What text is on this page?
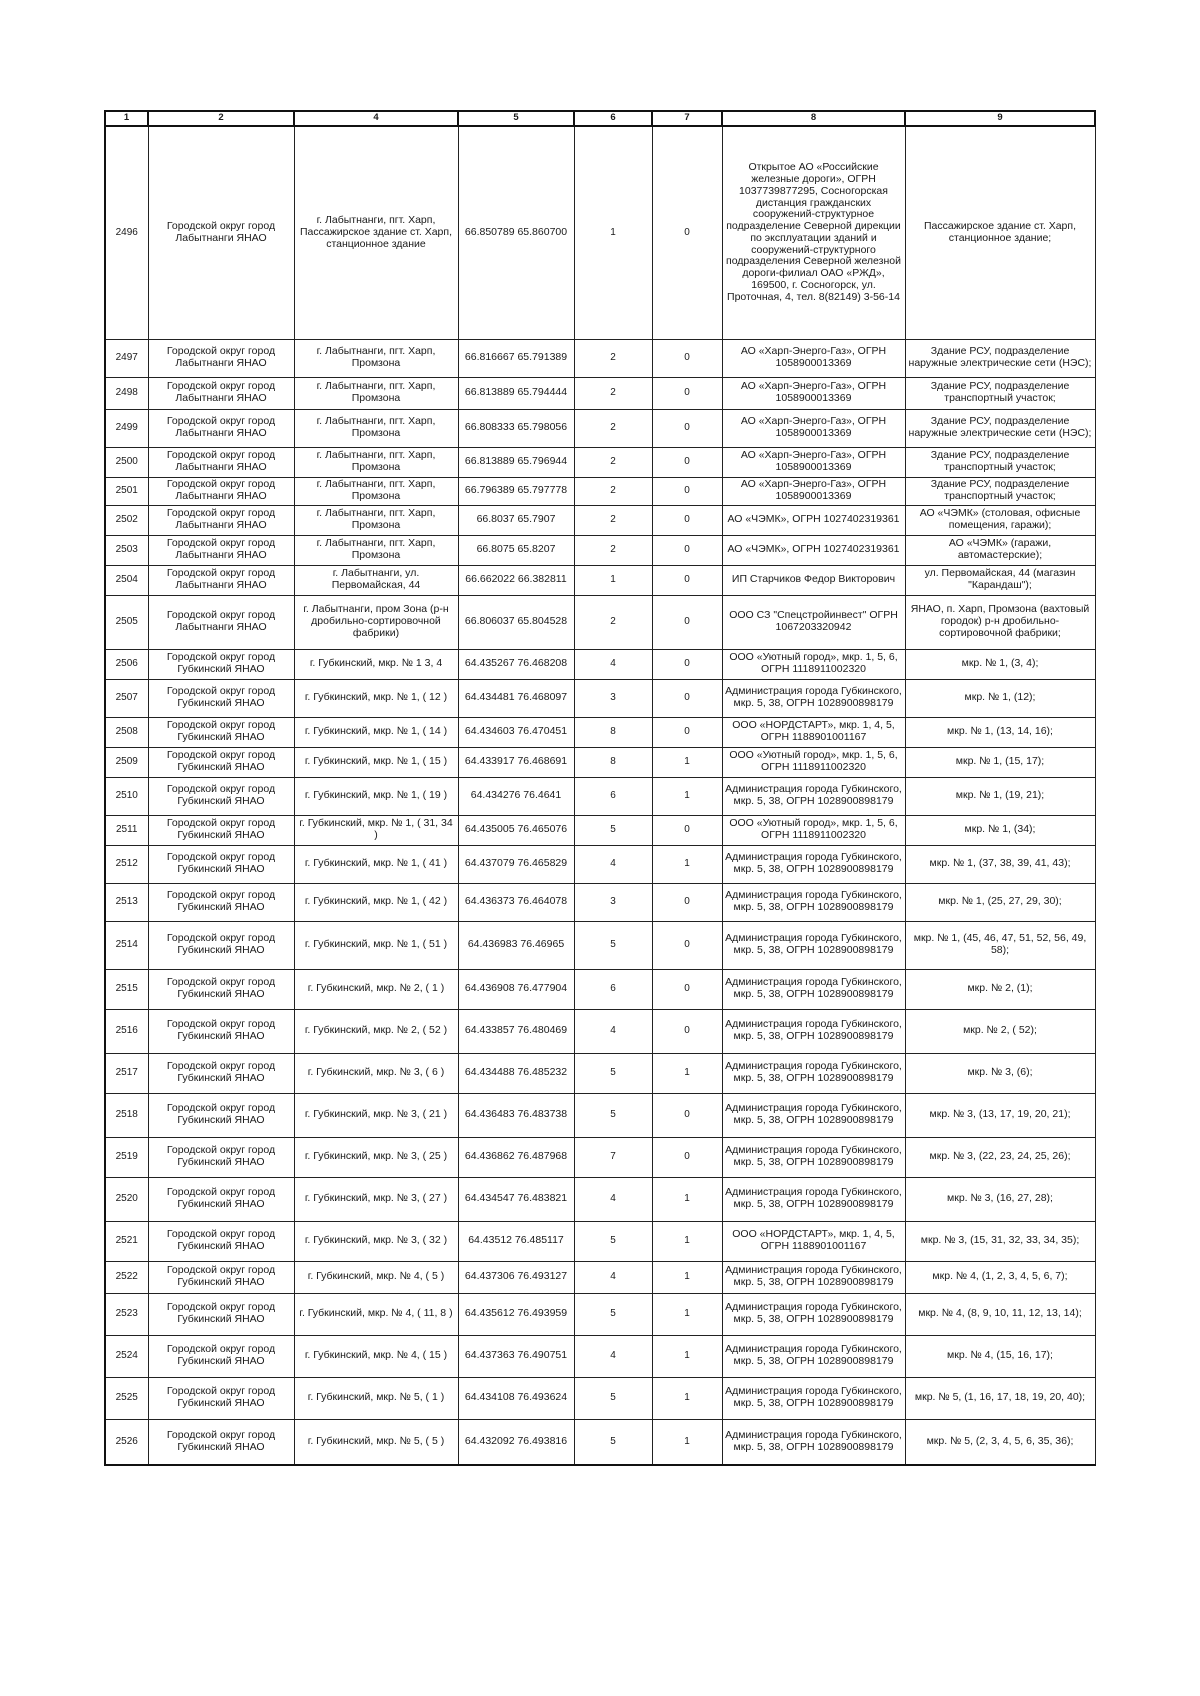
1	2	4	5	6	7	8	9
2496	Городской округ город Лабытнанги ЯНАО	г. Лабытнанги, пгт. Харп, Пассажирское здание ст. Харп, станционное здание	66.850789 65.860700	1	0	Открытое АО «Российские железные дороги», ОГРН 1037739877295, Сосногорская дистанция гражданских сооружений-структурное подразделение Северной дирекции по эксплуатации зданий и сооружений-структурного подразделения Северной железной дороги-филиал ОАО «РЖД», 169500, г. Сосногорск, ул. Проточная, 4, тел. 8(82149) 3-56-14	Пассажирское здание ст. Харп, станционное здание;
2497	Городской округ город Лабытнанги ЯНАО	г. Лабытнанги, пгт. Харп, Промзона	66.816667 65.791389	2	0	АО «Харп-Энерго-Газ», ОГРН 1058900013369	Здание РСУ, подразделение наружные электрические сети (НЭС);
2498	Городской округ город Лабытнанги ЯНАО	г. Лабытнанги, пгт. Харп, Промзона	66.813889 65.794444	2	0	АО «Харп-Энерго-Газ», ОГРН 1058900013369	Здание РСУ, подразделение транспортный участок;
2499	Городской округ город Лабытнанги ЯНАО	г. Лабытнанги, пгт. Харп, Промзона	66.808333 65.798056	2	0	АО «Харп-Энерго-Газ», ОГРН 1058900013369	Здание РСУ, подразделение наружные электрические сети (НЭС);
2500	Городской округ город Лабытнанги ЯНАО	г. Лабытнанги, пгт. Харп, Промзона	66.813889 65.796944	2	0	АО «Харп-Энерго-Газ», ОГРН 1058900013369	Здание РСУ, подразделение транспортный участок;
2501	Городской округ город Лабытнанги ЯНАО	г. Лабытнанги, пгт. Харп, Промзона	66.796389 65.797778	2	0	АО «Харп-Энерго-Газ», ОГРН 1058900013369	Здание РСУ, подразделение транспортный участок;
2502	Городской округ город Лабытнанги ЯНАО	г. Лабытнанги, пгт. Харп, Промзона	66.8037 65.7907	2	0	АО «ЧЭМК», ОГРН 1027402319361	АО «ЧЭМК» (столовая, офисные помещения, гаражи);
2503	Городской округ город Лабытнанги ЯНАО	г. Лабытнанги, пгт. Харп, Промзона	66.8075 65.8207	2	0	АО «ЧЭМК», ОГРН 1027402319361	АО «ЧЭМК» (гаражи, автомастерские);
2504	Городской округ город Лабытнанги ЯНАО	г. Лабытнанги, ул. Первомайская, 44	66.662022 66.382811	1	0	ИП Старчиков Федор Викторович	ул. Первомайская, 44 (магазин "Карандаш");
2505	Городской округ город Лабытнанги ЯНАО	г. Лабытнанги, пром Зона (р-н дробильно-сортировочной фабрики)	66.806037 65.804528	2	0	ООО СЗ "Спецстройинвест" ОГРН 1067203320942	ЯНАО, п. Харп, Промзона (вахтовый городок) р-н дробильно-сортировочной фабрики;
2506	Городской округ город Губкинский ЯНАО	г. Губкинский, мкр. № 1 3, 4	64.435267 76.468208	4	0	ООО «Уютный город», мкр. 1, 5, 6, ОГРН 1118911002320	мкр. № 1, (3, 4);
2507	Городской округ город Губкинский ЯНАО	г. Губкинский, мкр. № 1, ( 12 )	64.434481 76.468097	3	0	Администрация города Губкинского, мкр. 5, 38, ОГРН 1028900898179	мкр. № 1, (12);
2508	Городской округ город Губкинский ЯНАО	г. Губкинский, мкр. № 1, ( 14 )	64.434603 76.470451	8	0	ООО «НОРДСТАРТ», мкр. 1, 4, 5, ОГРН 1188901001167	мкр. № 1, (13, 14, 16);
2509	Городской округ город Губкинский ЯНАО	г. Губкинский, мкр. № 1, ( 15 )	64.433917 76.468691	8	1	ООО «Уютный город», мкр. 1, 5, 6, ОГРН 1118911002320	мкр. № 1, (15, 17);
2510	Городской округ город Губкинский ЯНАО	г. Губкинский, мкр. № 1, ( 19 )	64.434276 76.4641	6	1	Администрация города Губкинского, мкр. 5, 38, ОГРН 1028900898179	мкр. № 1, (19, 21);
2511	Городской округ город Губкинский ЯНАО	г. Губкинский, мкр. № 1, ( 31, 34 )	64.435005 76.465076	5	0	ООО «Уютный город», мкр. 1, 5, 6, ОГРН 1118911002320	мкр. № 1, (34);
2512	Городской округ город Губкинский ЯНАО	г. Губкинский, мкр. № 1, ( 41 )	64.437079 76.465829	4	1	Администрация города Губкинского, мкр. 5, 38, ОГРН 1028900898179	мкр. № 1, (37, 38, 39, 41, 43);
2513	Городской округ город Губкинский ЯНАО	г. Губкинский, мкр. № 1, ( 42 )	64.436373 76.464078	3	0	Администрация города Губкинского, мкр. 5, 38, ОГРН 1028900898179	мкр. № 1, (25, 27, 29, 30);
2514	Городской округ город Губкинский ЯНАО	г. Губкинский, мкр. № 1, ( 51 )	64.436983 76.46965	5	0	Администрация города Губкинского, мкр. 5, 38, ОГРН 1028900898179	мкр. № 1, (45, 46, 47, 51, 52, 56, 49, 58);
2515	Городской округ город Губкинский ЯНАО	г. Губкинский, мкр. № 2, ( 1 )	64.436908 76.477904	6	0	Администрация города Губкинского, мкр. 5, 38, ОГРН 1028900898179	мкр. № 2, (1);
2516	Городской округ город Губкинский ЯНАО	г. Губкинский, мкр. № 2, ( 52 )	64.433857 76.480469	4	0	Администрация города Губкинского, мкр. 5, 38, ОГРН 1028900898179	мкр. № 2, ( 52);
2517	Городской округ город Губкинский ЯНАО	г. Губкинский, мкр. № 3, ( 6 )	64.434488 76.485232	5	1	Администрация города Губкинского, мкр. 5, 38, ОГРН 1028900898179	мкр. № 3, (6);
2518	Городской округ город Губкинский ЯНАО	г. Губкинский, мкр. № 3, ( 21 )	64.436483 76.483738	5	0	Администрация города Губкинского, мкр. 5, 38, ОГРН 1028900898179	мкр. № 3, (13, 17, 19, 20, 21);
2519	Городской округ город Губкинский ЯНАО	г. Губкинский, мкр. № 3, ( 25 )	64.436862 76.487968	7	0	Администрация города Губкинского, мкр. 5, 38, ОГРН 1028900898179	мкр. № 3, (22, 23, 24, 25, 26);
2520	Городской округ город Губкинский ЯНАО	г. Губкинский, мкр. № 3, ( 27 )	64.434547 76.483821	4	1	Администрация города Губкинского, мкр. 5, 38, ОГРН 1028900898179	мкр. № 3, (16, 27, 28);
2521	Городской округ город Губкинский ЯНАО	г. Губкинский, мкр. № 3, ( 32 )	64.43512 76.485117	5	1	ООО «НОРДСТАРТ», мкр. 1, 4, 5, ОГРН 1188901001167	мкр. № 3, (15, 31, 32, 33, 34, 35);
2522	Городской округ город Губкинский ЯНАО	г. Губкинский, мкр. № 4, ( 5 )	64.437306 76.493127	4	1	Администрация города Губкинского, мкр. 5, 38, ОГРН 1028900898179	мкр. № 4, (1, 2, 3, 4, 5, 6, 7);
2523	Городской округ город Губкинский ЯНАО	г. Губкинский, мкр. № 4, ( 11, 8 )	64.435612 76.493959	5	1	Администрация города Губкинского, мкр. 5, 38, ОГРН 1028900898179	мкр. № 4, (8, 9, 10, 11, 12, 13, 14);
2524	Городской округ город Губкинский ЯНАО	г. Губкинский, мкр. № 4, ( 15 )	64.437363 76.490751	4	1	Администрация города Губкинского, мкр. 5, 38, ОГРН 1028900898179	мкр. № 4, (15, 16, 17);
2525	Городской округ город Губкинский ЯНАО	г. Губкинский, мкр. № 5, ( 1 )	64.434108 76.493624	5	1	Администрация города Губкинского, мкр. 5, 38, ОГРН 1028900898179	мкр. № 5, (1, 16, 17, 18, 19, 20, 40);
2526	Городской округ город Губкинский ЯНАО	г. Губкинский, мкр. № 5, ( 5 )	64.432092 76.493816	5	1	Администрация города Губкинского, мкр. 5, 38, ОГРН 1028900898179	мкр. № 5, (2, 3, 4, 5, 6, 35, 36);
